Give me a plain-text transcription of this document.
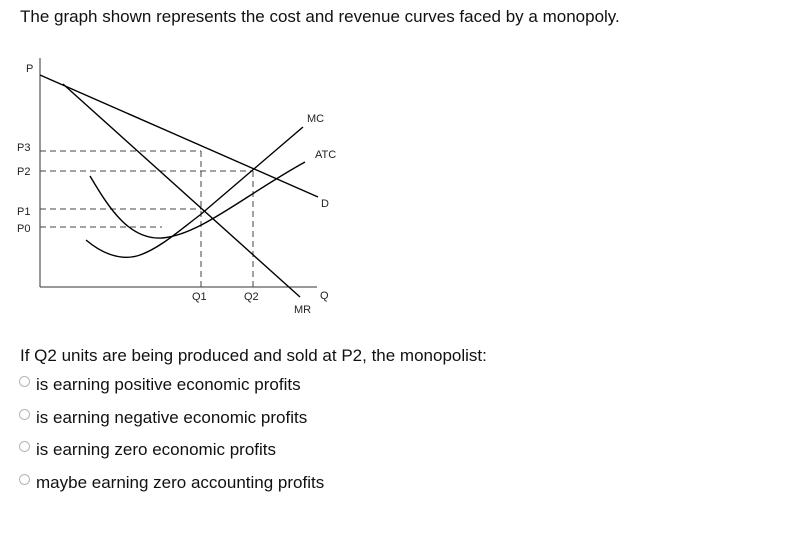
The graph shown represents the cost and revenue curves faced by a monopoly.
P
Q
P3
P2
P1
P0
Q1	Q2
MC
ATC
D
MR

If Q2 units are being produced and sold at P2, the monopolist:

is earning positive economic profits
is earning negative economic profits
is earning zero economic profits
maybe earning zero accounting profits
